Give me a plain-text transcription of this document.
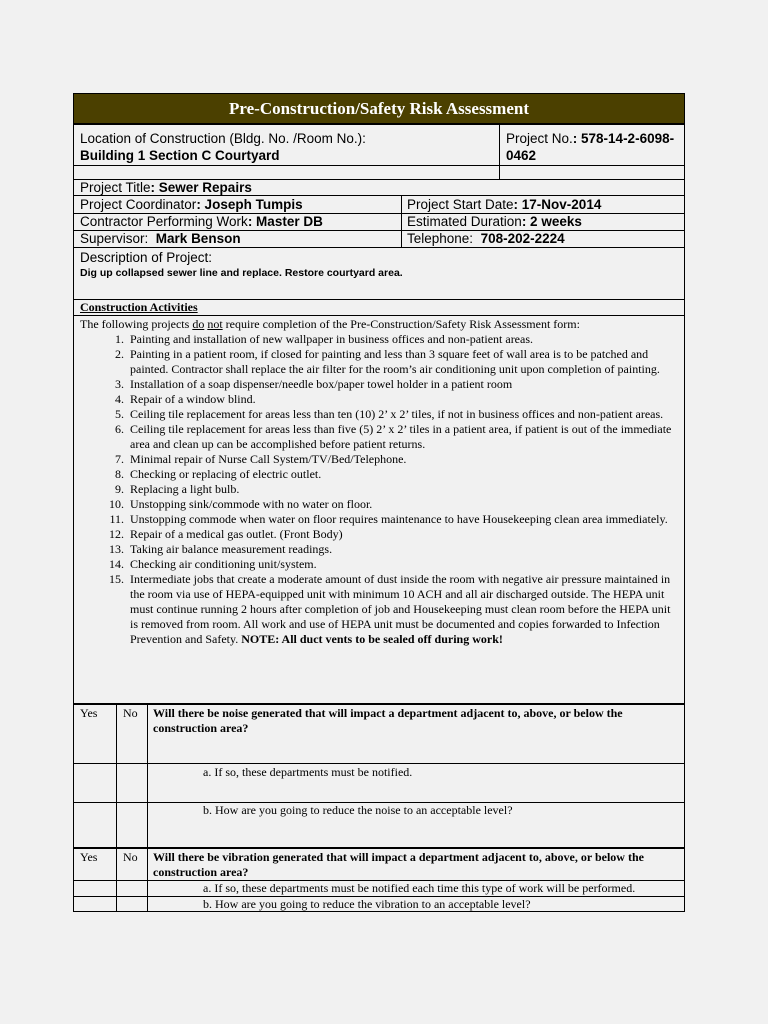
Pre-Construction/Safety Risk Assessment
Location of Construction (Bldg. No. /Room No.):
Building 1 Section C Courtyard
Project No.: 578-14-2-6098-0462
Project Title: Sewer Repairs
Project Coordinator: Joseph Tumpis	Project Start Date: 17-Nov-2014
Contractor Performing Work: Master DB	Estimated Duration: 2 weeks
Supervisor: Mark Benson	Telephone: 708-202-2224
Description of Project:
Dig up collapsed sewer line and replace. Restore courtyard area.
Construction Activities
The following projects do not require completion of the Pre-Construction/Safety Risk Assessment form:
1. Painting and installation of new wallpaper in business offices and non-patient areas.
2. Painting in a patient room, if closed for painting and less than 3 square feet of wall area is to be patched and painted. Contractor shall replace the air filter for the room’s air conditioning unit upon completion of painting.
3. Installation of a soap dispenser/needle box/paper towel holder in a patient room
4. Repair of a window blind.
5. Ceiling tile replacement for areas less than ten (10) 2’ x 2’ tiles, if not in business offices and non-patient areas.
6. Ceiling tile replacement for areas less than five (5) 2’ x 2’ tiles in a patient area, if patient is out of the immediate area and clean up can be accomplished before patient returns.
7. Minimal repair of Nurse Call System/TV/Bed/Telephone.
8. Checking or replacing of electric outlet.
9. Replacing a light bulb.
10. Unstopping sink/commode with no water on floor.
11. Unstopping commode when water on floor requires maintenance to have Housekeeping clean area immediately.
12. Repair of a medical gas outlet. (Front Body)
13. Taking air balance measurement readings.
14. Checking air conditioning unit/system.
15. Intermediate jobs that create a moderate amount of dust inside the room with negative air pressure maintained in the room via use of HEPA-equipped unit with minimum 10 ACH and all air discharged outside. The HEPA unit must continue running 2 hours after completion of job and Housekeeping must clean room before the HEPA unit is removed from room. All work and use of HEPA unit must be documented and copies forwarded to Infection Prevention and Safety. NOTE: All duct vents to be sealed off during work!
Yes No Will there be noise generated that will impact a department adjacent to, above, or below the construction area?
a. If so, these departments must be notified.
b. How are you going to reduce the noise to an acceptable level?
Yes No Will there be vibration generated that will impact a department adjacent to, above, or below the construction area?
a. If so, these departments must be notified each time this type of work will be performed.
b. How are you going to reduce the vibration to an acceptable level?
